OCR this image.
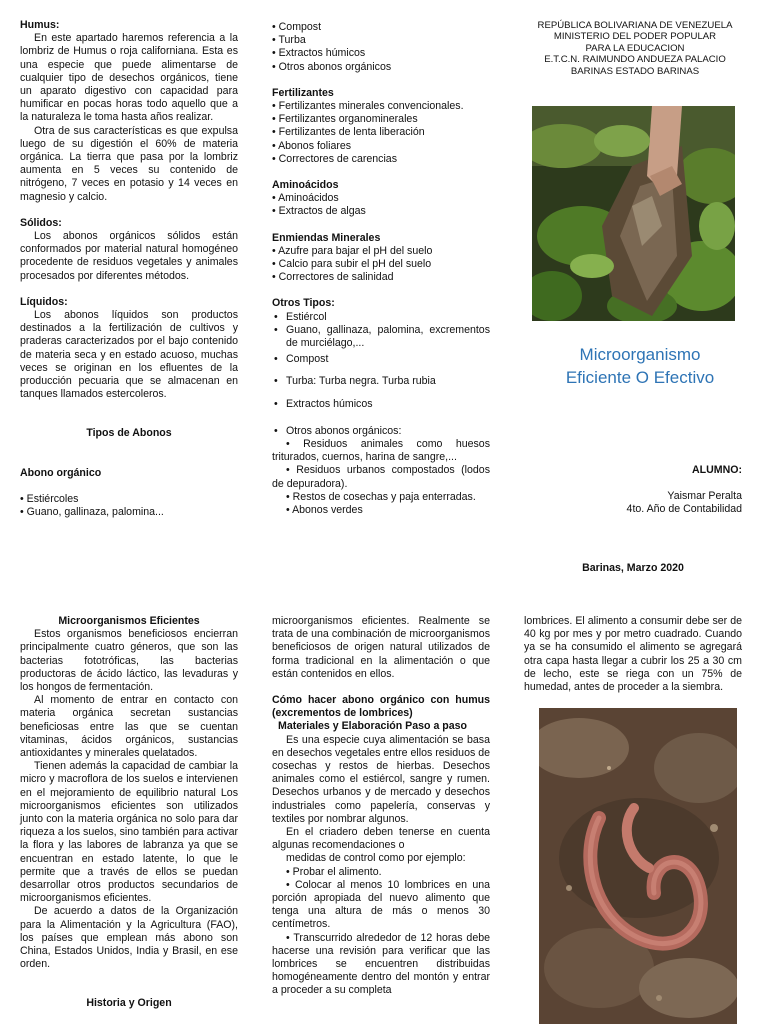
Humus:

En este apartado haremos referencia a la lombriz de Humus o roja californiana. Esta es una especie que puede alimentarse de cualquier tipo de desechos orgánicos, tiene un aparato digestivo con capacidad para humificar en pocas horas todo aquello que a la naturaleza le toma hasta años realizar.

Otra de sus características es que expulsa luego de su digestión el 60% de materia orgánica. La tierra que pasa por la lombriz aumenta en 5 veces su contenido de nitrógeno, 7 veces en potasio y 14 veces en magnesio y calcio.

Sólidos:

Los abonos orgánicos sólidos están conformados por material natural homogéneo procedente de residuos vegetales y animales procesados por diferentes métodos.

Líquidos:

Los abonos líquidos son productos destinados a la fertilización de cultivos y praderas caracterizados por el bajo contenido de materia seca y en estado acuoso, muchas veces se originan en los efluentes de la producción pecuaria que se almacenan en tanques llamados estercoleros.

Tipos de Abonos

Abono orgánico

• Estiércoles

• Guano, gallinaza, palomina...

• Compost

• Turba

• Extractos húmicos

• Otros abonos orgánicos

Fertilizantes

• Fertilizantes minerales convencionales.

• Fertilizantes organominerales

• Fertilizantes de lenta liberación

• Abonos foliares

• Correctores de carencias

Aminoácidos

• Aminoácidos

• Extractos de algas

Enmiendas Minerales

• Azufre para bajar el pH del suelo

• Calcio para subir el pH del suelo

• Correctores de salinidad

Otros Tipos:

• Estiércol

• Guano, gallinaza, palomina, excrementos de murciélago,...

• Compost

• Turba: Turba negra. Turba rubia

• Extractos húmicos

• Otros abonos orgánicos:

• Residuos animales como huesos triturados, cuernos, harina de sangre,...

• Residuos urbanos compostados (lodos de depuradora).

• Restos de cosechas y paja enterradas.

• Abonos verdes

REPÚBLICA BOLIVARIANA DE VENEZUELA

MINISTERIO DEL PODER POPULAR

PARA LA EDUCACION

E.T.C.N. RAIMUNDO ANDUEZA PALACIO

BARINAS ESTADO BARINAS

Microorganismo Eficiente O Efectivo

ALUMNO:

Yaismar Peralta

4to. Año de Contabilidad

Barinas, Marzo 2020

Microorganismos Eficientes

Estos organismos beneficiosos encierran principalmente cuatro géneros, que son las bacterias fototróficas, las bacterias productoras de ácido láctico, las levaduras y los hongos de fermentación.

Al momento de entrar en contacto con materia orgánica secretan sustancias beneficiosas entre las que se cuentan vitaminas, ácidos orgánicos, sustancias antioxidantes y minerales quelatados.

Tienen además la capacidad de cambiar la micro y macroflora de los suelos e intervienen en el mejoramiento de equilibrio natural Los microorganismos eficientes son utilizados junto con la materia orgánica no solo para dar riqueza a los suelos, sino también para activar la flora y las labores de labranza ya que se encuentran en estado latente, lo que le permite que a través de ellos se puedan desarrollar otros productos secundarios de microorganismos eficientes.

De acuerdo a datos de la Organización para la Alimentación y la Agricultura (FAO), los países que emplean más abono son China, Estados Unidos, India y Brasil, en ese orden.

Historia y Origen

microorganismos eficientes. Realmente se trata de una combinación de microorganismos beneficiosos de origen natural utilizados de forma tradicional en la alimentación o que están contenidos en ellos.

Cómo hacer abono orgánico con humus (excrementos de lombrices)

Materiales y Elaboración Paso a paso

Es una especie cuya alimentación se basa en desechos vegetales entre ellos residuos de cosechas y restos de hierbas. Desechos animales como el estiércol, sangre y rumen. Desechos urbanos y de mercado y desechos industriales como papelería, conservas y textiles por nombrar algunos.

En el criadero deben tenerse en cuenta algunas recomendaciones o

medidas de control como por ejemplo:

• Probar el alimento.

• Colocar al menos 10 lombrices en una porción apropiada del nuevo alimento que tenga una altura de más o menos 30 centímetros.

• Transcurrido alrededor de 12 horas debe hacerse una revisión para verificar que las lombrices se encuentren distribuidas homogéneamente dentro del montón y entrar a proceder a su completa

lombrices. El alimento a consumir debe ser de 40 kg por mes y por metro cuadrado. Cuando ya se ha consumido el alimento se agregará otra capa hasta llegar a cubrir los 25 a 30 cm de lecho, este se riega con un 75% de humedad, antes de proceder a la siembra.
